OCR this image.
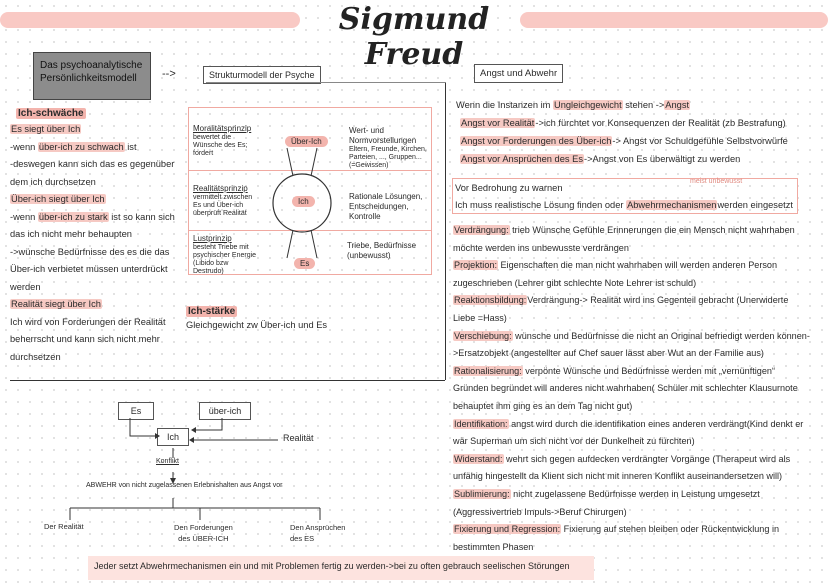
Sigmund Freud
Das psychoanalytische
Persönlichkeitsmodell	-->	Strukturmodell der Psyche
Ich-schwäche

Es siegt über Ich

-wenn über-ich zu schwach ist

-deswegen kann sich das es gegenüber

dem ich durchsetzen

Über-ich siegt über Ich

-wenn über-ich zu stark ist so kann sich

das ich nicht mehr behaupten

->wünsche Bedürfnisse des es die das

Über-ich verbietet müssen unterdrückt

werden

Realität siegt über Ich

Ich wird von Forderungen der Realität

beherrscht und kann sich nicht mehr

durchsetzen

Ich-stärke
Gleichgewicht zw Über-ich und Es
Moralitätsprinzip
bewertet die
Wünsche des Es;
fordert
Realitätsprinzip
vermittelt zwischen
Es und Über-ich
überprüft Realität
Lustprinzip
besteht Triebe mit
psychischer Energie
(Libido bzw
Destrudo)
Über-Ich
Ich
Es
Wert- und
Normvorstellungen
Eltern, Freunde, Kirchen,
Parteien, ..., Gruppen...
(=Gewissen)
Rationale Lösungen,
Entscheidungen,
Kontrolle
Triebe, Bedürfnisse
(unbewusst)
Es	über-ich
Ich	Realität
Konflikt
ABWEHR von nicht zugelassenen Erlebnishalten aus Angst vor
Der Realität	Den Forderungen
des ÜBER-ICH
Den Ansprüchen
des ES
Jeder setzt Abwehrmechanismen ein und mit Problemen fertig zu werden->bei zu often gebrauch seelischen Störungen
Angst und Abwehr

Wenn die Instanzen im Ungleichgewicht stehen ->Angst

Angst vor Realität->ich fürchtet vor Konsequenzen der Realität (zb Bestrafung)

Angst vor Forderungen des Über-ich-> Angst vor Schuldgefühle Selbstvorwürfe

Angst vor Ansprüchen des Es->Angst von Es überwältigt zu werden

meist unbewusst

Vor Bedrohung zu warnen

Ich muss realistische Lösung finden oder Abwehrmechanismenwerden eingesetzt

Verdrängung: trieb Wünsche Gefühle Erinnerungen die ein Mensch nicht wahrhaben

möchte werden ins unbewusste verdrängen

Projektion: Eigenschaften die man nicht wahrhaben will werden anderen Person

zugeschrieben (Lehrer gibt schlechte Note Lehrer ist schuld)

Reaktionsbildung:Verdrängung-> Realität wird ins Gegenteil gebracht (Unerwiderte

Liebe =Hass)

Verschiebung: wünsche und Bedürfnisse die nicht an Original befriedigt werden können-

>Ersatzobjekt (angestellter auf Chef sauer lässt aber Wut an der Familie aus)

Rationalisierung: verpönte Wünsche und Bedürfnisse werden mit „vernünftigen“

Gründen begründet will anderes nicht wahrhaben( Schüler mit schlechter Klausurnote

behauptet ihm ging es an dem Tag nicht gut)

Identifikation: angst wird durch die identifikation eines anderen verdrängt(Kind denkt er

wär Superman um sich nicht vor der Dunkelheit zu fürchten)

Widerstand: wehrt sich gegen aufdecken verdrängter Vorgänge (Therapeut wird als

unfähig hingestellt da Klient sich nicht mit inneren Konflikt auseinandersetzen will)

Sublimierung: nicht zugelassene Bedürfnisse werden in Leistung umgesetzt

(Aggressivertrieb Impuls->Beruf Chirurgen)

Fixierung und Regression: Fixierung auf stehen bleiben oder Rückentwicklung in

bestimmten Phasen
